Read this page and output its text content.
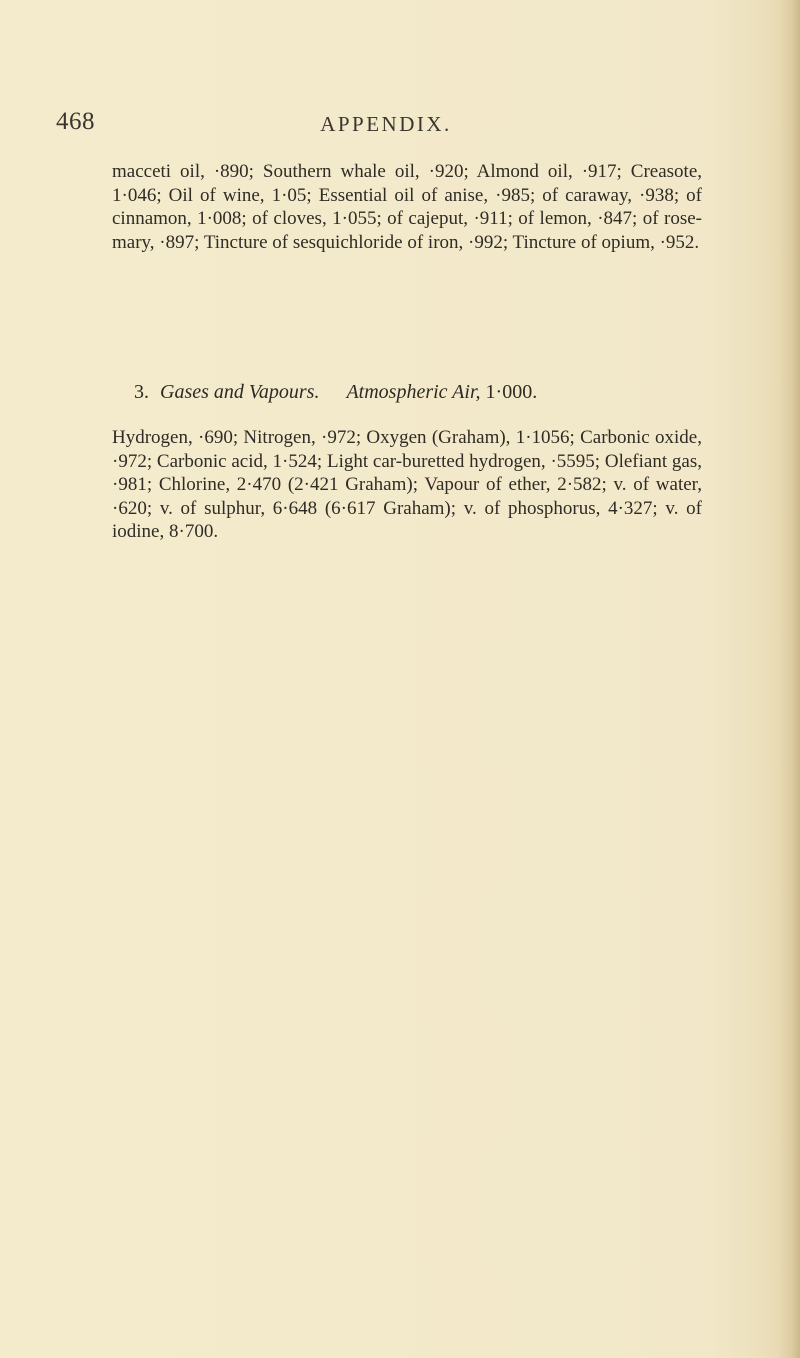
468	APPENDIX.

macceti oil, ·890; Southern whale oil, ·920; Almond oil, ·917; Creasote, 1·046; Oil of wine, 1·05; Essential oil of anise, ·985; of caraway, ·938; of cinnamon, 1·008; of cloves, 1·055; of cajeput, ·911; of lemon, ·847; of rose-mary, ·897; Tincture of sesquichloride of iron, ·992; Tincture of opium, ·952.

3. Gases and Vapours. Atmospheric Air, 1·000.

Hydrogen, ·690; Nitrogen, ·972; Oxygen (Graham), 1·1056; Carbonic oxide, ·972; Carbonic acid, 1·524; Light car-buretted hydrogen, ·5595; Olefiant gas, ·981; Chlorine, 2·470 (2·421 Graham); Vapour of ether, 2·582; v. of water, ·620; v. of sulphur, 6·648 (6·617 Graham); v. of phosphorus, 4·327; v. of iodine, 8·700.
